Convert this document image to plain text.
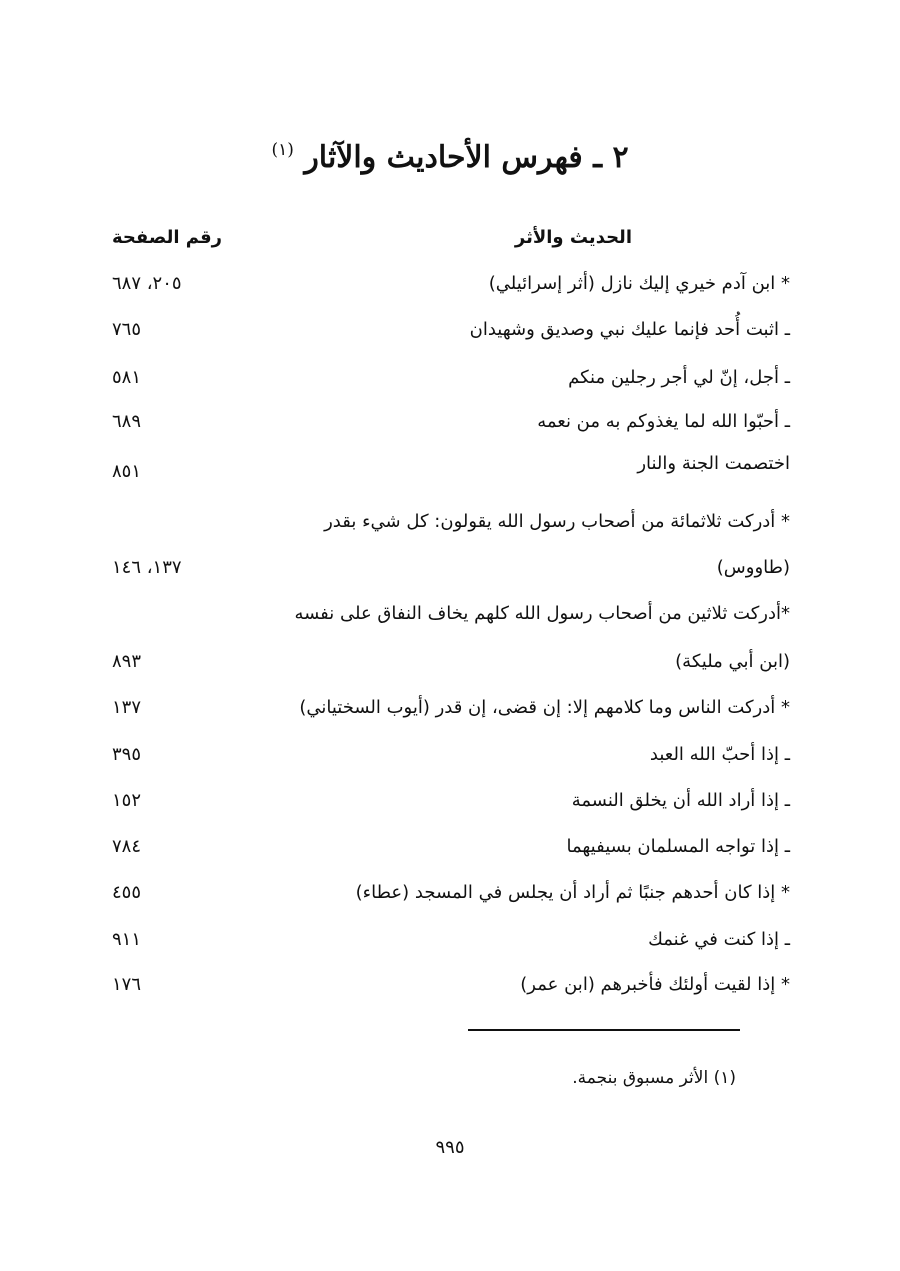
٢ ـ فهرس الأحاديث والآثار $^{(١)}$
الحديث والأثر
رقم الصفحة
* ابن آدم خيري إليك نازل (أثر إسرائيلي)
٢٠٥، ٦٨٧
ـ اثبت أُحد فإنما عليك نبي وصديق وشهيدان
٧٦٥
ـ أجل، إنّ لي أجر رجلين منكم
٥٨١
ـ أحبّوا الله لما يغذوكم به من نعمه
٦٨٩
اختصمت الجنة والنار
٨٥١
* أدركت ثلاثمائة من أصحاب رسول الله يقولون: كل شيء بقدر
(طاووس)
١٣٧، ١٤٦
*أدركت ثلاثين من أصحاب رسول الله كلهم يخاف النفاق على نفسه
(ابن أبي مليكة)
٨٩٣
* أدركت الناس وما كلامهم إلا: إن قضى، إن قدر (أيوب السختياني)
١٣٧
ـ إذا أحبّ الله العبد
٣٩٥
ـ إذا أراد الله أن يخلق النسمة
١٥٢
ـ إذا تواجه المسلمان بسيفيهما
٧٨٤
* إذا كان أحدهم جنبًا ثم أراد أن يجلس في المسجد (عطاء)
٤٥٥
ـ إذا كنت في غنمك
٩١١
* إذا لقيت أولئك فأخبرهم (ابن عمر)
١٧٦
(١) الأثر مسبوق بنجمة.
٩٩٥
